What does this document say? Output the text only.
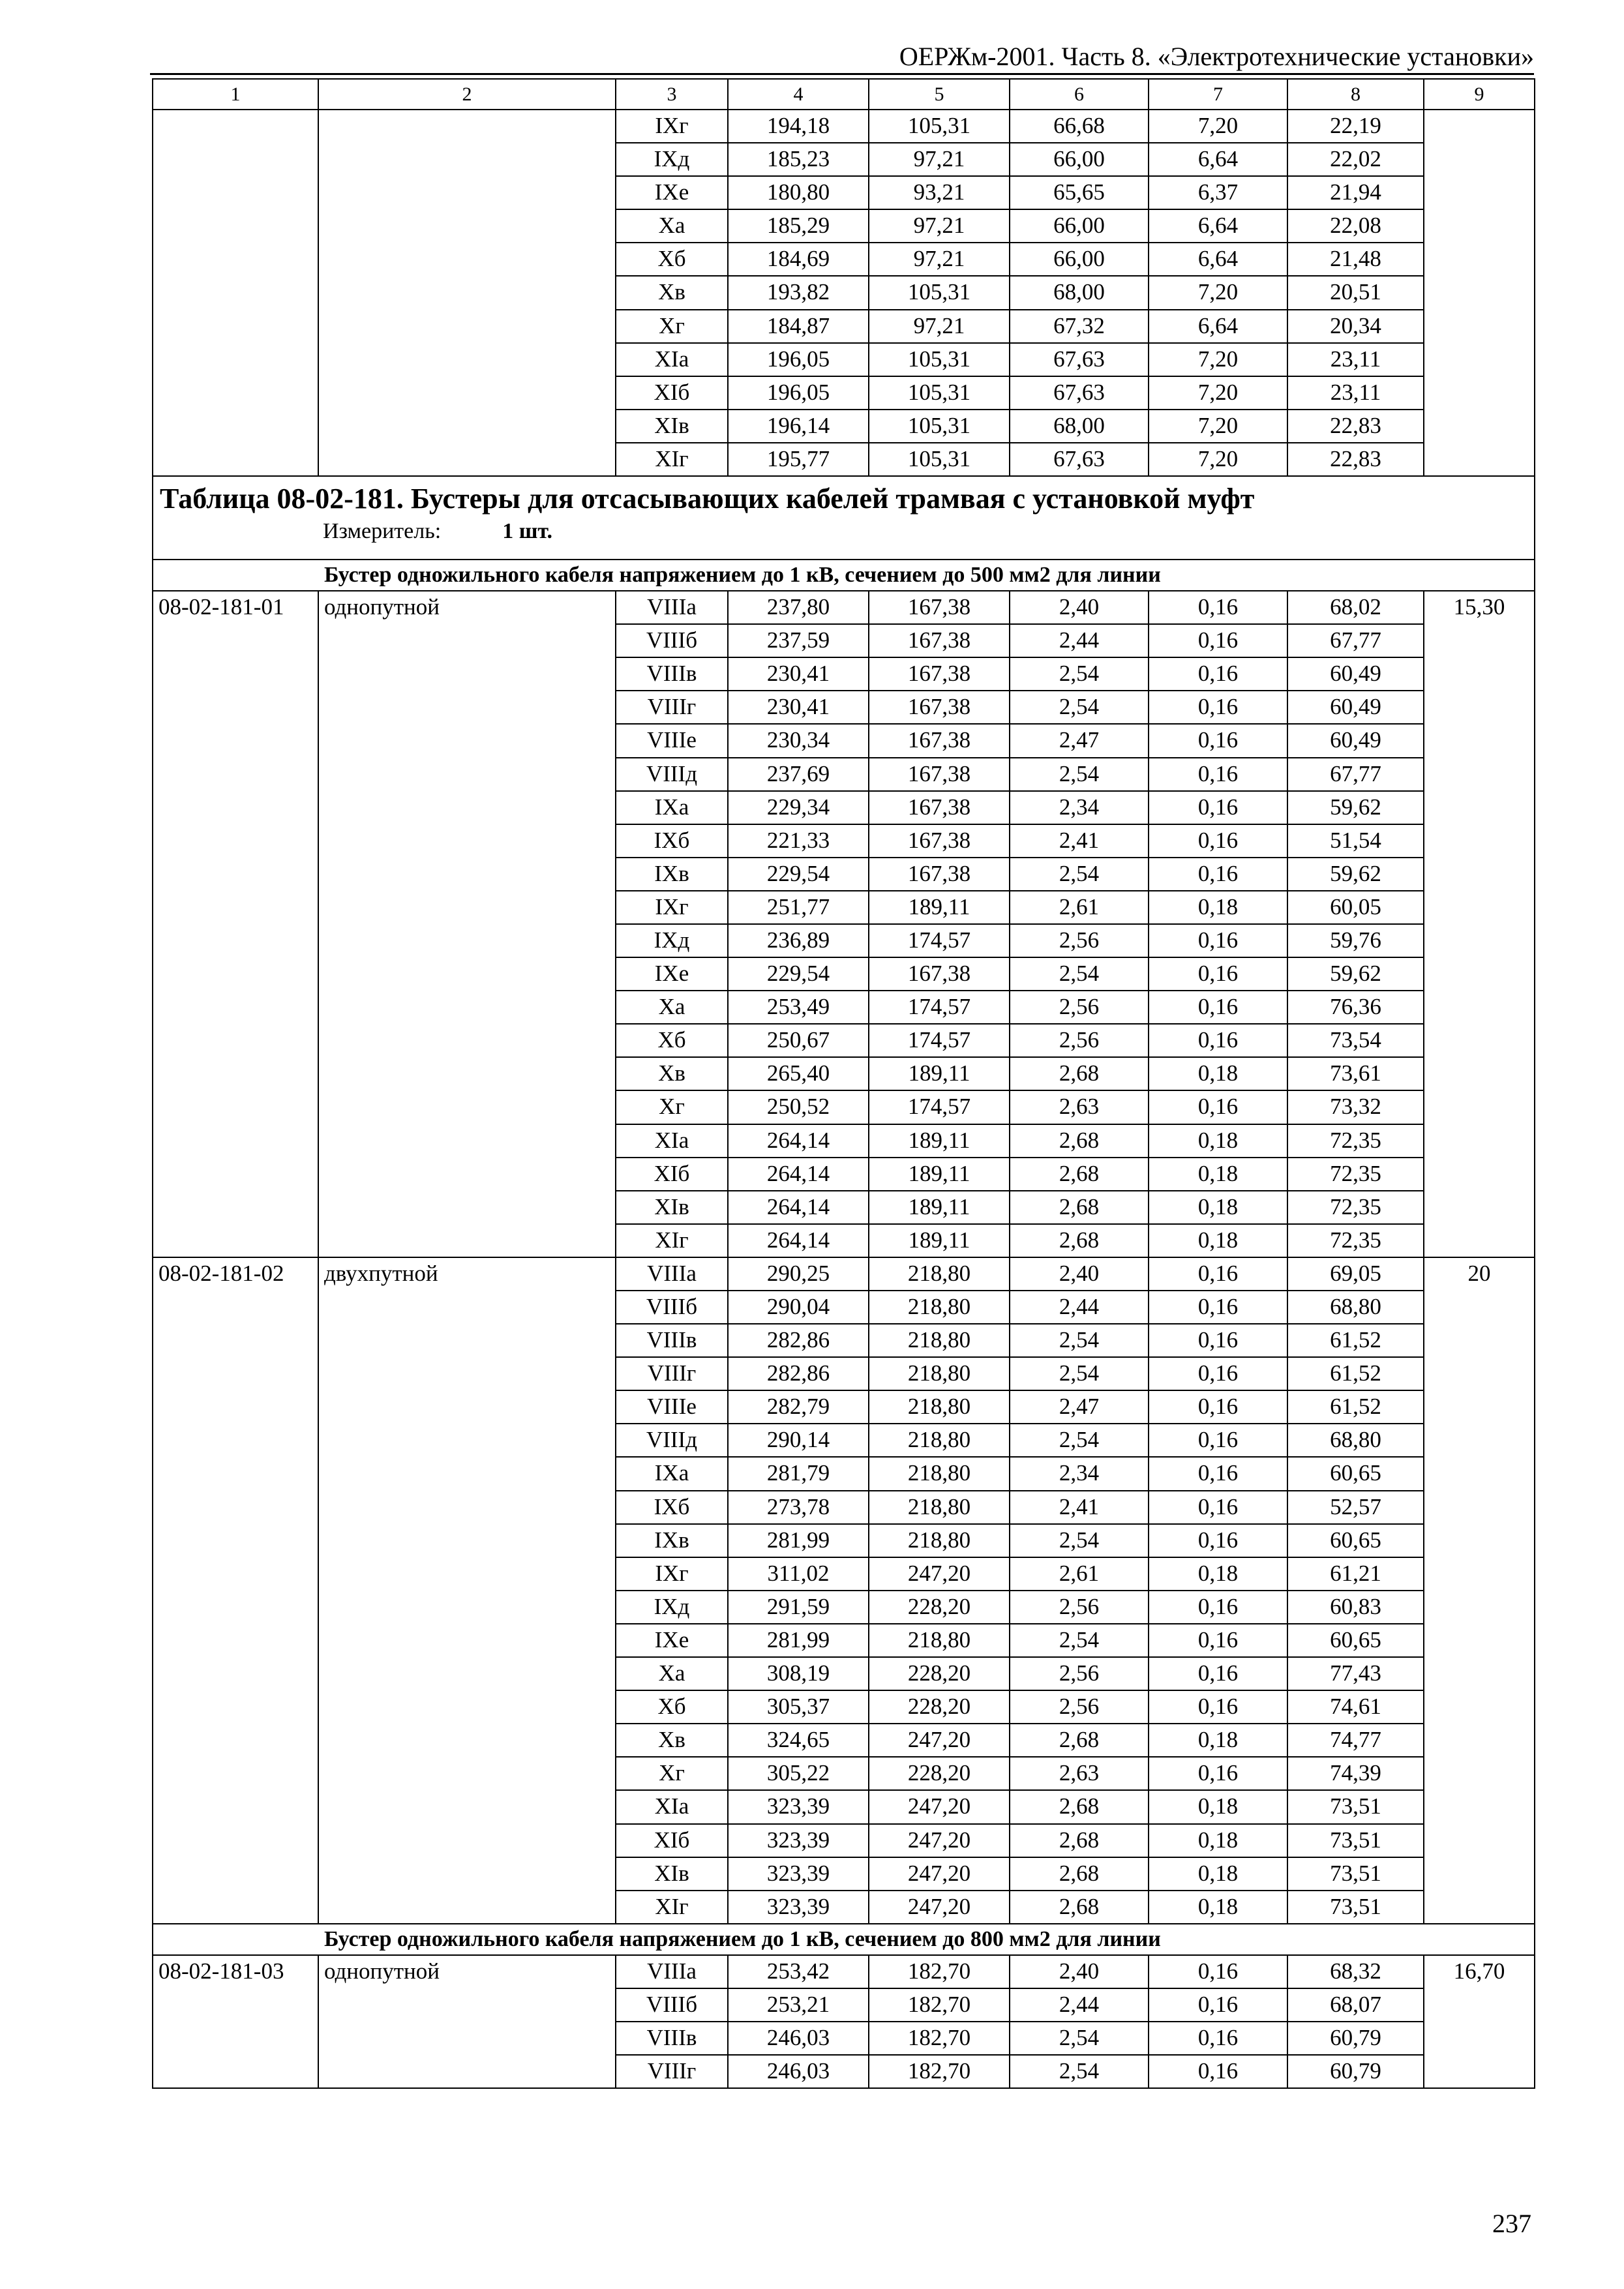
ОЕРЖм-2001. Часть 8. «Электротехнические установки»
1	2	3	4	5	6	7	8	9
		IXг	194,18	105,31	66,68	7,20	22,19	
		IXд	185,23	97,21	66,00	6,64	22,02	
		IXе	180,80	93,21	65,65	6,37	21,94	
		Xа	185,29	97,21	66,00	6,64	22,08	
		Xб	184,69	97,21	66,00	6,64	21,48	
		Xв	193,82	105,31	68,00	7,20	20,51	
		Xг	184,87	97,21	67,32	6,64	20,34	
		XIа	196,05	105,31	67,63	7,20	23,11	
		XIб	196,05	105,31	67,63	7,20	23,11	
		XIв	196,14	105,31	68,00	7,20	22,83	
		XIг	195,77	105,31	67,63	7,20	22,83	

Таблица 08-02-181. Бустеры для отсасывающих кабелей трамвая с установкой муфт
Измеритель: 1 шт.								

Бустер одножильного кабеля напряжением до 1 кВ, сечением до 500 мм2 для линии								
08-02-181-01	однопутной	VIIIа	237,80	167,38	2,40	0,16	68,02	15,30
		VIIIб	237,59	167,38	2,44	0,16	67,77	
		VIIIв	230,41	167,38	2,54	0,16	60,49	
		VIIIг	230,41	167,38	2,54	0,16	60,49	
		VIIIе	230,34	167,38	2,47	0,16	60,49	
		VIIIд	237,69	167,38	2,54	0,16	67,77	
		IXа	229,34	167,38	2,34	0,16	59,62	
		IXб	221,33	167,38	2,41	0,16	51,54	
		IXв	229,54	167,38	2,54	0,16	59,62	
		IXг	251,77	189,11	2,61	0,18	60,05	
		IXд	236,89	174,57	2,56	0,16	59,76	
		IXе	229,54	167,38	2,54	0,16	59,62	
		Xа	253,49	174,57	2,56	0,16	76,36	
		Xб	250,67	174,57	2,56	0,16	73,54	
		Xв	265,40	189,11	2,68	0,18	73,61	
		Xг	250,52	174,57	2,63	0,16	73,32	
		XIа	264,14	189,11	2,68	0,18	72,35	
		XIб	264,14	189,11	2,68	0,18	72,35	
		XIв	264,14	189,11	2,68	0,18	72,35	
		XIг	264,14	189,11	2,68	0,18	72,35	
08-02-181-02	двухпутной	VIIIа	290,25	218,80	2,40	0,16	69,05	20
		VIIIб	290,04	218,80	2,44	0,16	68,80	
		VIIIв	282,86	218,80	2,54	0,16	61,52	
		VIIIг	282,86	218,80	2,54	0,16	61,52	
		VIIIе	282,79	218,80	2,47	0,16	61,52	
		VIIIд	290,14	218,80	2,54	0,16	68,80	
		IXа	281,79	218,80	2,34	0,16	60,65	
		IXб	273,78	218,80	2,41	0,16	52,57	
		IXв	281,99	218,80	2,54	0,16	60,65	
		IXг	311,02	247,20	2,61	0,18	61,21	
		IXд	291,59	228,20	2,56	0,16	60,83	
		IXе	281,99	218,80	2,54	0,16	60,65	
		Xа	308,19	228,20	2,56	0,16	77,43	
		Xб	305,37	228,20	2,56	0,16	74,61	
		Xв	324,65	247,20	2,68	0,18	74,77	
		Xг	305,22	228,20	2,63	0,16	74,39	
		XIа	323,39	247,20	2,68	0,18	73,51	
		XIб	323,39	247,20	2,68	0,18	73,51	
		XIв	323,39	247,20	2,68	0,18	73,51	
		XIг	323,39	247,20	2,68	0,18	73,51	
Бустер одножильного кабеля напряжением до 1 кВ, сечением до 800 мм2 для линии								
08-02-181-03	однопутной	VIIIа	253,42	182,70	2,40	0,16	68,32	16,70
		VIIIб	253,21	182,70	2,44	0,16	68,07	
		VIIIв	246,03	182,70	2,54	0,16	60,79	
		VIIIг	246,03	182,70	2,54	0,16	60,79	
237
